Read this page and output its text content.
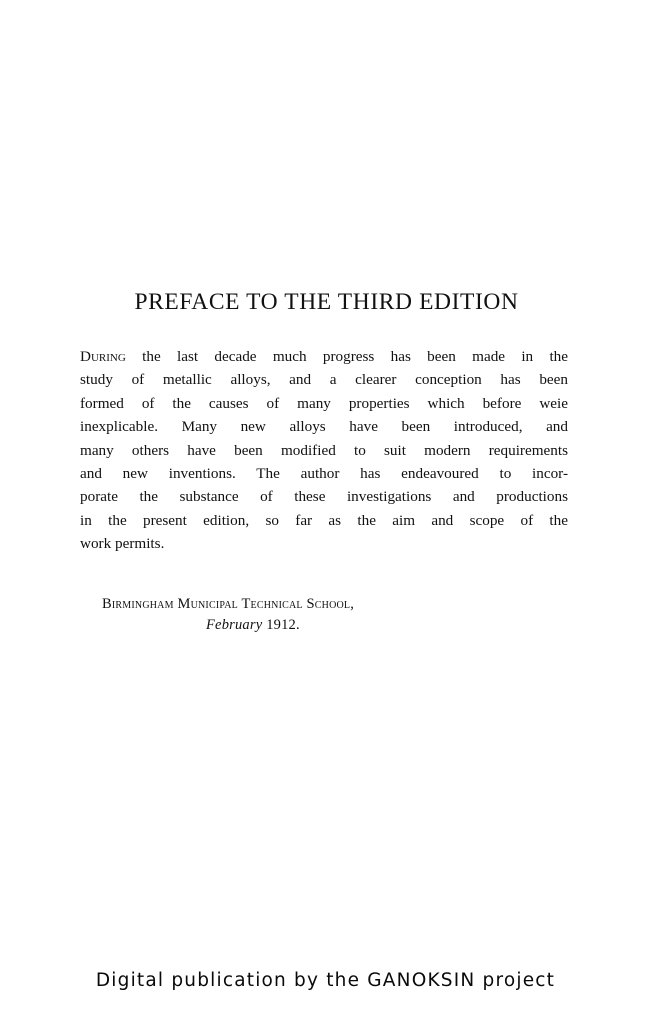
PREFACE TO THE THIRD EDITION
During the last decade much progress has been made in the
study of metallic alloys, and a clearer conception has been
formed of the causes of many properties which before weie
inexplicable. Many new alloys have been introduced, and
many others have been modified to suit modern requirements
and new inventions. The author has endeavoured to incor-
porate the substance of these investigations and productions
in the present edition, so far as the aim and scope of the
work permits.
Birmingham Municipal Technical School,
February 1912.
Digital publication by the GANOKSIN project
